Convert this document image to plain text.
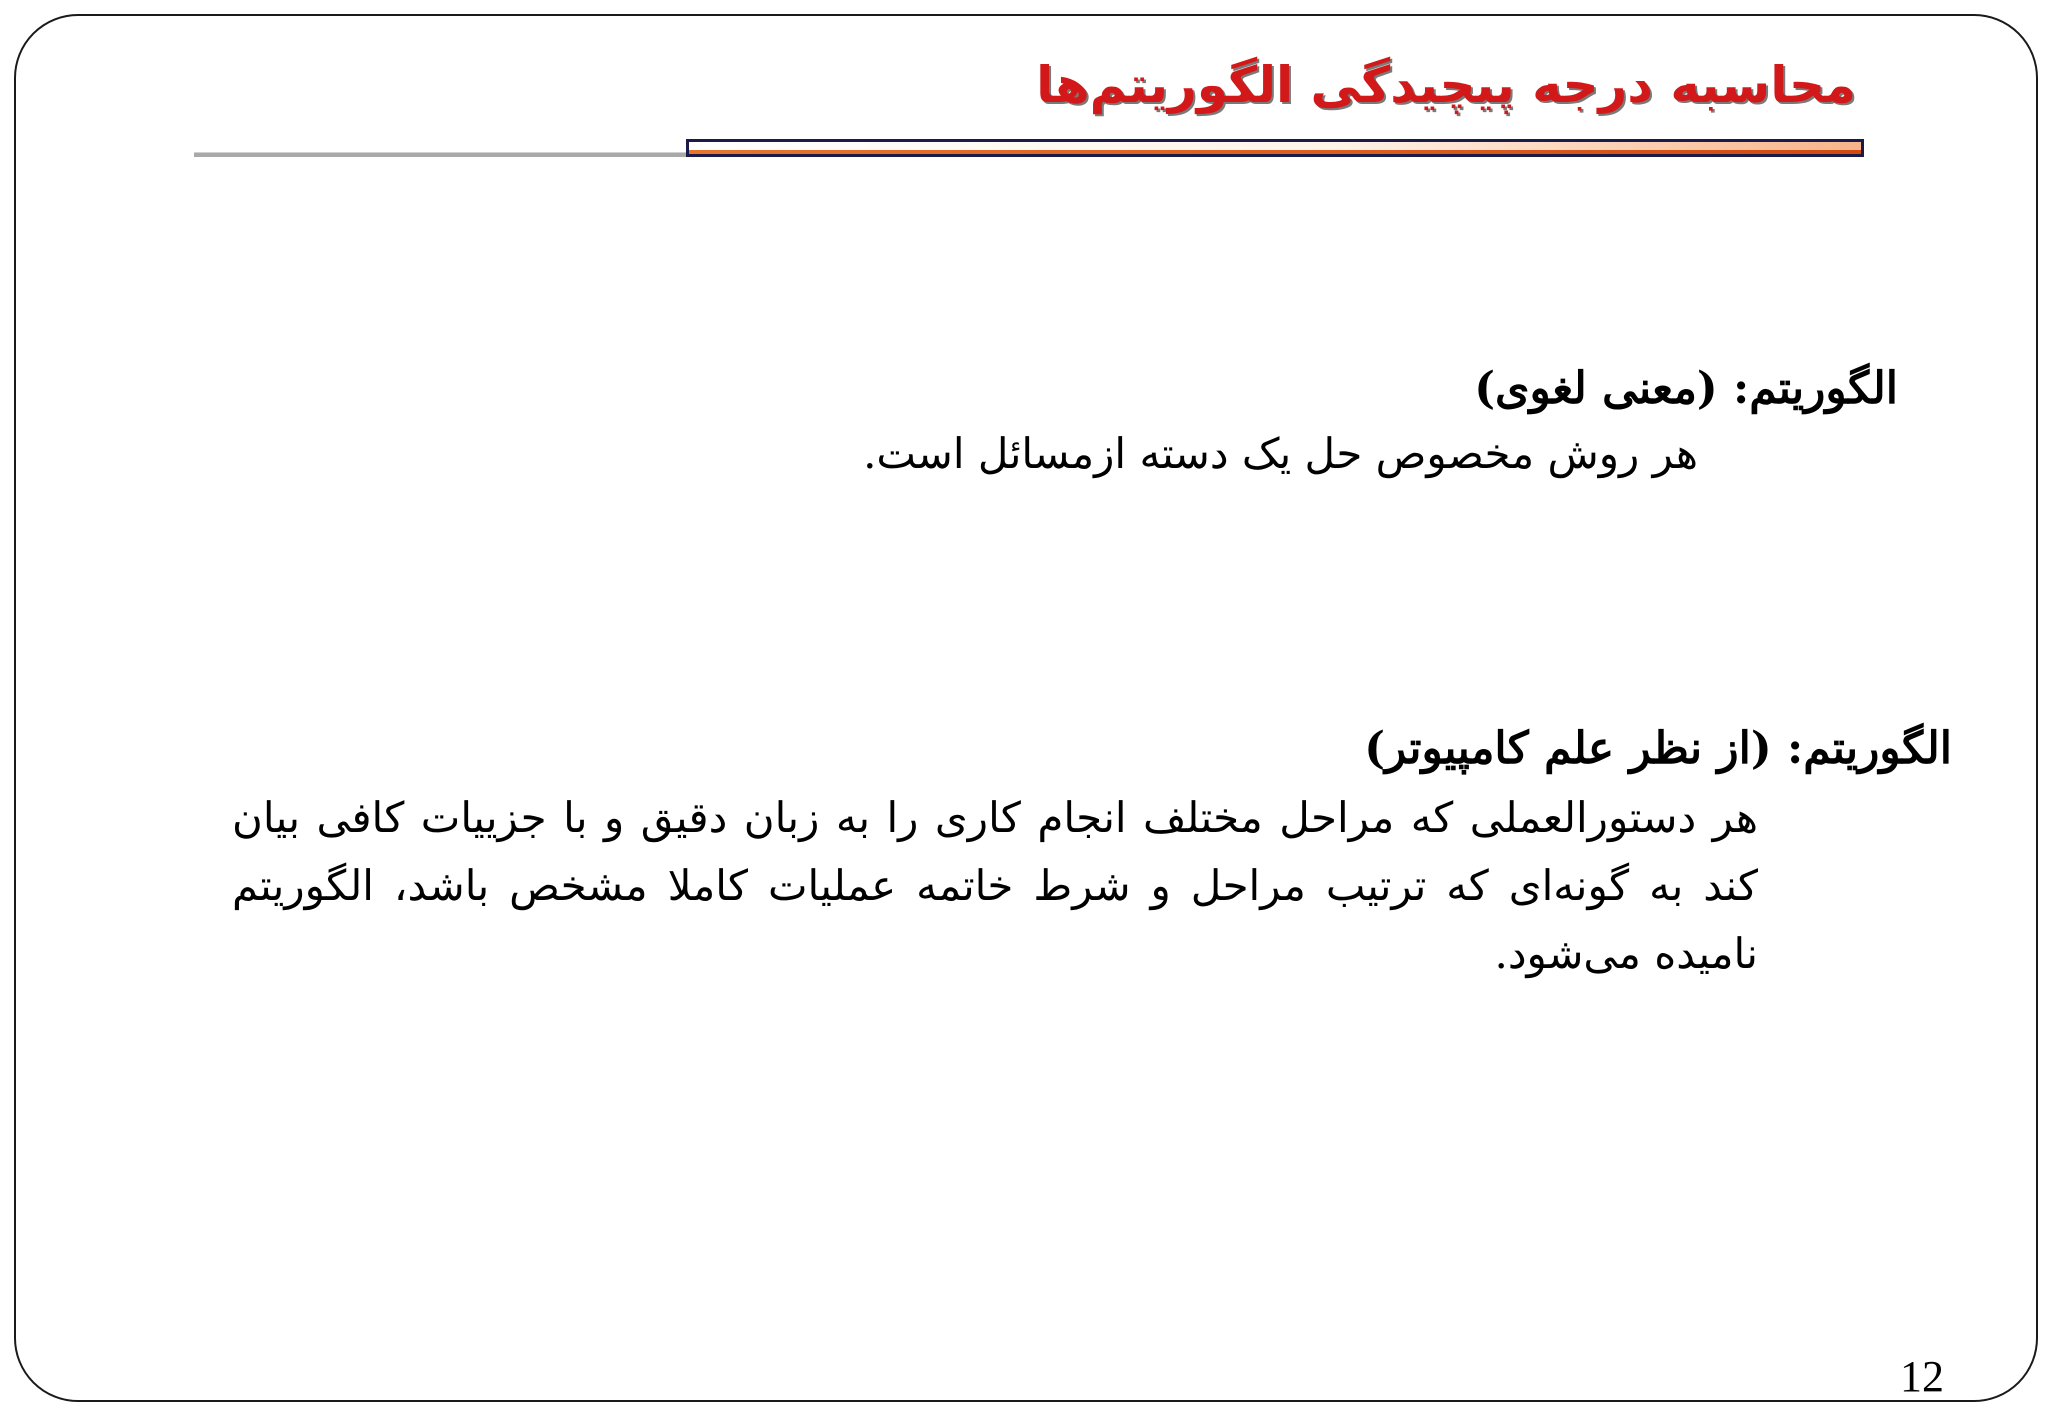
محاسبه درجه پیچیدگی الگوریتم‌ها
الگوریتم: (معنی لغوی)

هر روش مخصوص حل یک دسته ازمسائل است.

الگوریتم: (از نظر علم کامپیوتر)

هر دستورالعملی که مراحل مختلف انجام کاری را به زبان دقیق و با جزییات کافی بیان کند به گونه‌ای که ترتیب مراحل و شرط خاتمه عملیات کاملا مشخص باشد، الگوریتم نامیده می‌شود.

12
